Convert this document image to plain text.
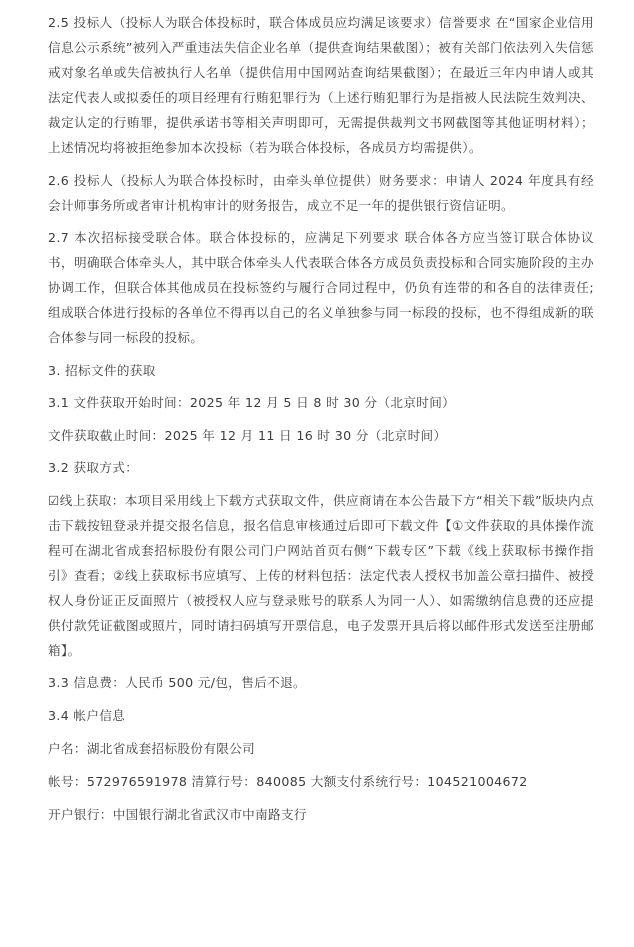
2.5 投标人（投标人为联合体投标时，联合体成员应均满足该要求）信誉要求 在“国家企业信用信息公示系统”被列入严重违法失信企业名单（提供查询结果截图）；被有关部门依法列入失信惩戒对象名单或失信被执行人名单（提供信用中国网站查询结果截图）；在最近三年内申请人或其法定代表人或拟委任的项目经理有行贿犯罪行为（上述行贿犯罪行为是指被人民法院生效判决、裁定认定的行贿罪，提供承诺书等相关声明即可，无需提供裁判文书网截图等其他证明材料）；上述情况均将被拒绝参加本次投标（若为联合体投标，各成员方均需提供）。

2.6 投标人（投标人为联合体投标时，由牵头单位提供）财务要求：申请人 2024 年度具有经会计师事务所或者审计机构审计的财务报告，成立不足一年的提供银行资信证明。

2.7 本次招标接受联合体。联合体投标的，应满足下列要求 联合体各方应当签订联合体协议书，明确联合体牵头人，其中联合体牵头人代表联合体各方成员负责投标和合同实施阶段的主办协调工作，但联合体其他成员在投标签约与履行合同过程中，仍负有连带的和各自的法律责任; 组成联合体进行投标的各单位不得再以自己的名义单独参与同一标段的投标，也不得组成新的联合体参与同一标段的投标。

3. 招标文件的获取

3.1 文件获取开始时间：2025 年 12 月 5 日 8 时 30 分（北京时间）

文件获取截止时间：2025 年 12 月 11 日 16 时 30 分（北京时间）

3.2 获取方式：

☑线上获取：本项目采用线上下载方式获取文件，供应商请在本公告最下方“相关下载”版块内点击下载按钮登录并提交报名信息，报名信息审核通过后即可下载文件【①文件获取的具体操作流程可在湖北省成套招标股份有限公司门户网站首页右侧“下载专区”下载《线上获取标书操作指引》查看；②线上获取标书应填写、上传的材料包括：法定代表人授权书加盖公章扫描件、被授权人身份证正反面照片（被授权人应与登录账号的联系人为同一人）、如需缴纳信息费的还应提供付款凭证截图或照片，同时请扫码填写开票信息，电子发票开具后将以邮件形式发送至注册邮箱】。

3.3 信息费：人民币 500 元/包，售后不退。

3.4 帐户信息

户名：湖北省成套招标股份有限公司

帐号：572976591978 清算行号：840085 大额支付系统行号：104521004672

开户银行：中国银行湖北省武汉市中南路支行
